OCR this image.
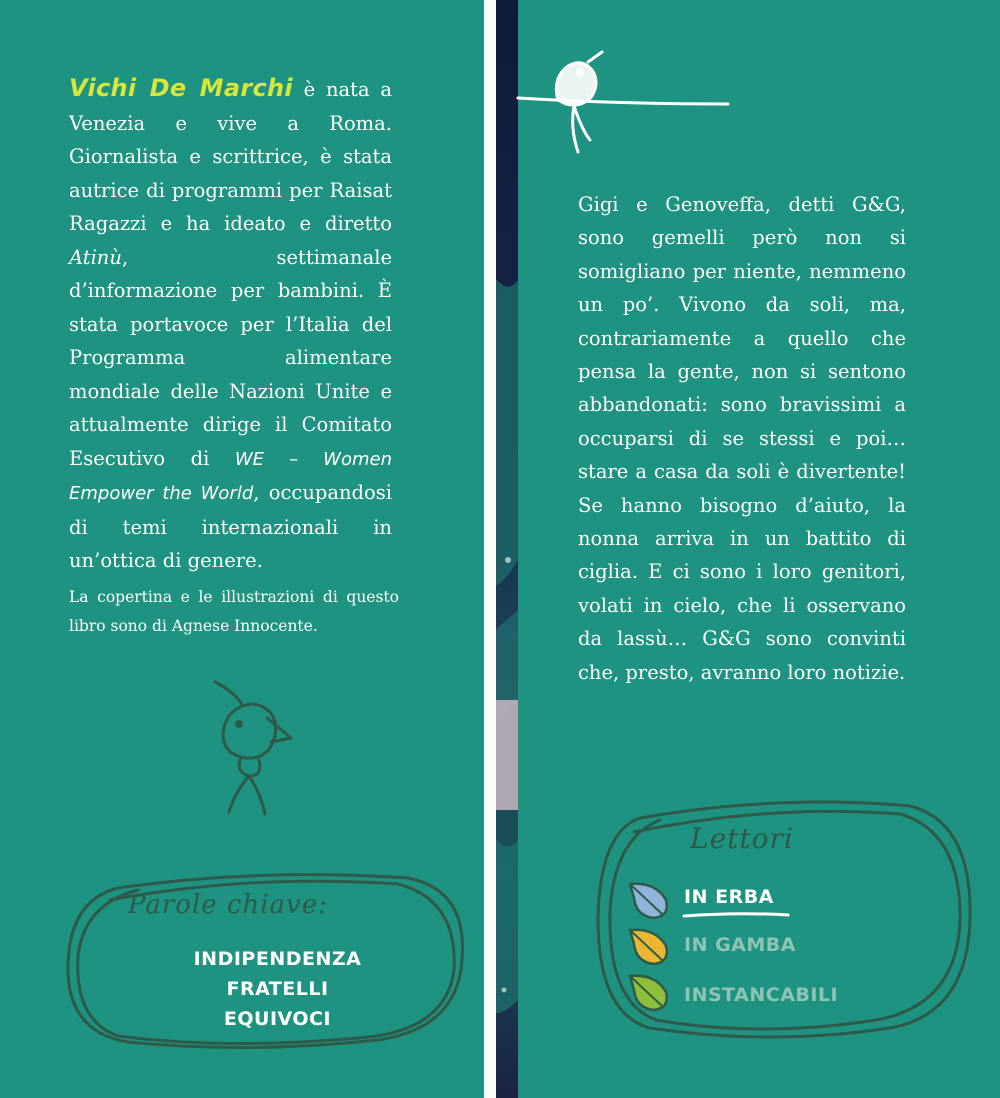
Vichi De Marchi è nata a Venezia e vive a Roma. Giornalista e scrittrice, è stata autrice di programmi per Raisat Ragazzi e ha ideato e diretto Atinù, settimanale d’informazione per bambini. È stata portavoce per l’Italia del Programma alimentare mondiale delle Nazioni Unite e attualmente dirige il Comitato Esecutivo di WE – Women Empower the World, occupandosi di temi internazionali in un’ottica di genere.

La copertina e le illustrazioni di questo libro sono di Agnese Innocente.

Parole chiave:
INDIPENDENZA
FRATELLI
EQUIVOCI

Gigi e Genoveffa, detti G&G, sono gemelli però non si somigliano per niente, nemmeno un po’. Vivono da soli, ma, contrariamente a quello che pensa la gente, non si sentono abbandonati: sono bravissimi a occuparsi di se stessi e poi… stare a casa da soli è divertente! Se hanno bisogno d’aiuto, la nonna arriva in un battito di ciglia. E ci sono i loro genitori, volati in cielo, che li osservano da lassù… G&G sono convinti che, presto, avranno loro notizie.

Lettori
IN ERBA
IN GAMBA
INSTANCABILI
